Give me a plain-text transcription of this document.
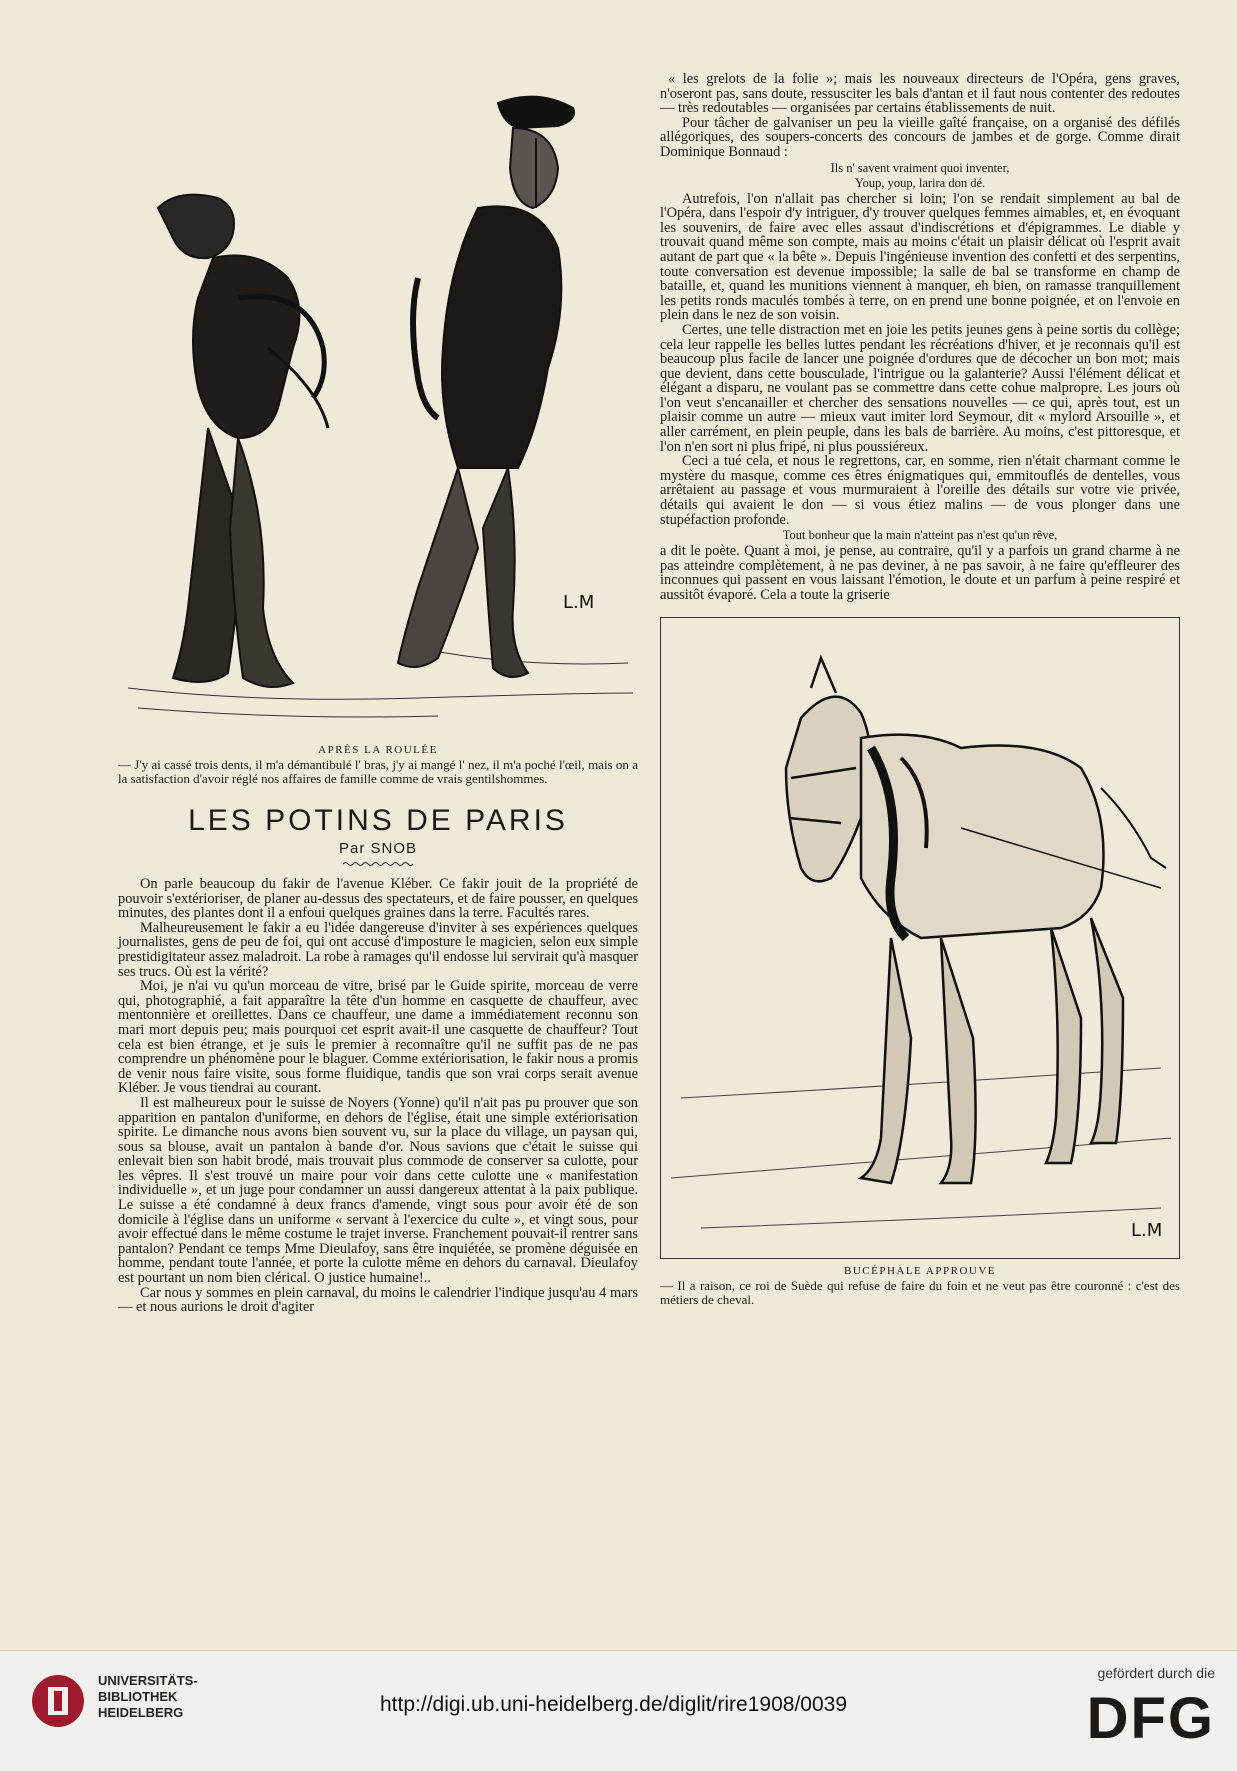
L.M
APRÈS LA ROULÉE

— J'y ai cassé trois dents, il m'a démantibulé l' bras, j'y ai mangé l' nez, il m'a poché l'œil, mais on a la satisfaction d'avoir réglé nos affaires de famille comme de vrais gentilshommes.

LES POTINS DE PARIS

Par SNOB

On parle beaucoup du fakir de l'avenue Kléber. Ce fakir jouit de la propriété de pouvoir s'extérioriser, de planer au-dessus des spectateurs, et de faire pousser, en quelques minutes, des plantes dont il a enfoui quelques graines dans la terre. Facultés rares.

Malheureusement le fakir a eu l'idée dangereuse d'inviter à ses expériences quelques journalistes, gens de peu de foi, qui ont accusé d'imposture le magicien, selon eux simple prestidigitateur assez maladroit. La robe à ramages qu'il endosse lui servirait qu'à masquer ses trucs. Où est la vérité?

Moi, je n'ai vu qu'un morceau de vitre, brisé par le Guide spirite, morceau de verre qui, photographié, a fait apparaître la tête d'un homme en casquette de chauffeur, avec mentonnière et oreillettes. Dans ce chauffeur, une dame a immédiatement reconnu son mari mort depuis peu; mais pourquoi cet esprit avait-il une casquette de chauffeur? Tout cela est bien étrange, et je suis le premier à reconnaître qu'il ne suffit pas de ne pas comprendre un phénomène pour le blaguer. Comme extériorisation, le fakir nous a promis de venir nous faire visite, sous forme fluidique, tandis que son vrai corps serait avenue Kléber. Je vous tiendrai au courant.

Il est malheureux pour le suisse de Noyers (Yonne) qu'il n'ait pas pu prouver que son apparition en pantalon d'uniforme, en dehors de l'église, était une simple extériorisation spirite. Le dimanche nous avons bien souvent vu, sur la place du village, un paysan qui, sous sa blouse, avait un pantalon à bande d'or. Nous savions que c'était le suisse qui enlevait bien son habit brodé, mais trouvait plus commode de conserver sa culotte, pour les vêpres. Il s'est trouvé un maire pour voir dans cette culotte une « manifestation individuelle », et un juge pour condamner un aussi dangereux attentat à la paix publique. Le suisse a été condamné à deux francs d'amende, vingt sous pour avoir été de son domicile à l'église dans un uniforme « servant à l'exercice du culte », et vingt sous, pour avoir effectué dans le même costume le trajet inverse. Franchement pouvait-il rentrer sans pantalon? Pendant ce temps Mme Dieulafoy, sans être inquiétée, se promène déguisée en homme, pendant toute l'année, et porte la culotte même en dehors du carnaval. Dieulafoy est pourtant un nom bien clérical. O justice humaine!..

Car nous y sommes en plein carnaval, du moins le calendrier l'indique jusqu'au 4 mars — et nous aurions le droit d'agiter

« les grelots de la folie »; mais les nouveaux directeurs de l'Opéra, gens graves, n'oseront pas, sans doute, ressusciter les bals d'antan et il faut nous contenter des redoutes — très redoutables — organisées par certains établissements de nuit.

Pour tâcher de galvaniser un peu la vieille gaîté française, on a organisé des défilés allégoriques, des soupers-concerts des concours de jambes et de gorge. Comme dirait Dominique Bonnaud :

Ils n' savent vraiment quoi inventer,

Youp, youp, larira don dé.

Autrefois, l'on n'allait pas chercher si loin; l'on se rendait simplement au bal de l'Opéra, dans l'espoir d'y intriguer, d'y trouver quelques femmes aimables, et, en évoquant les souvenirs, de faire avec elles assaut d'indiscrétions et d'épigrammes. Le diable y trouvait quand même son compte, mais au moins c'était un plaisir délicat où l'esprit avait autant de part que « la bête ». Depuis l'ingénieuse invention des confetti et des serpentins, toute conversation est devenue impossible; la salle de bal se transforme en champ de bataille, et, quand les munitions viennent à manquer, eh bien, on ramasse tranquillement les petits ronds maculés tombés à terre, on en prend une bonne poignée, et on l'envoie en plein dans le nez de son voisin.

Certes, une telle distraction met en joie les petits jeunes gens à peine sortis du collège; cela leur rappelle les belles luttes pendant les récréations d'hiver, et je reconnais qu'il est beaucoup plus facile de lancer une poignée d'ordures que de décocher un bon mot; mais que devient, dans cette bousculade, l'intrigue ou la galanterie? Aussi l'élément délicat et élégant a disparu, ne voulant pas se commettre dans cette cohue malpropre. Les jours où l'on veut s'encanailler et chercher des sensations nouvelles — ce qui, après tout, est un plaisir comme un autre — mieux vaut imiter lord Seymour, dit « mylord Arsouille », et aller carrément, en plein peuple, dans les bals de barrière. Au moins, c'est pittoresque, et l'on n'en sort ni plus fripé, ni plus poussiéreux.

Ceci a tué cela, et nous le regrettons, car, en somme, rien n'était charmant comme le mystère du masque, comme ces êtres énigmatiques qui, emmitouflés de dentelles, vous arrêtaient au passage et vous murmuraient à l'oreille des détails sur votre vie privée, détails qui avaient le don — si vous étiez malins — de vous plonger dans une stupéfaction profonde.

Tout bonheur que la main n'atteint pas n'est qu'un rêve,

a dit le poète. Quant à moi, je pense, au contraire, qu'il y a parfois un grand charme à ne pas atteindre complètement, à ne pas deviner, à ne pas savoir, à ne faire qu'effleurer des inconnues qui passent en vous laissant l'émotion, le doute et un parfum à peine respiré et aussitôt évaporé. Cela a toute la griserie

L.M
BUCÉPHALE APPROUVE

— Il a raison, ce roi de Suède qui refuse de faire du foin et ne veut pas être couronné : c'est des métiers de cheval.

UNIVERSITÄTS-
BIBLIOTHEK
HEIDELBERG	http://digi.ub.uni-heidelberg.de/diglit/rire1908/0039
gefördert durch die
DFG
